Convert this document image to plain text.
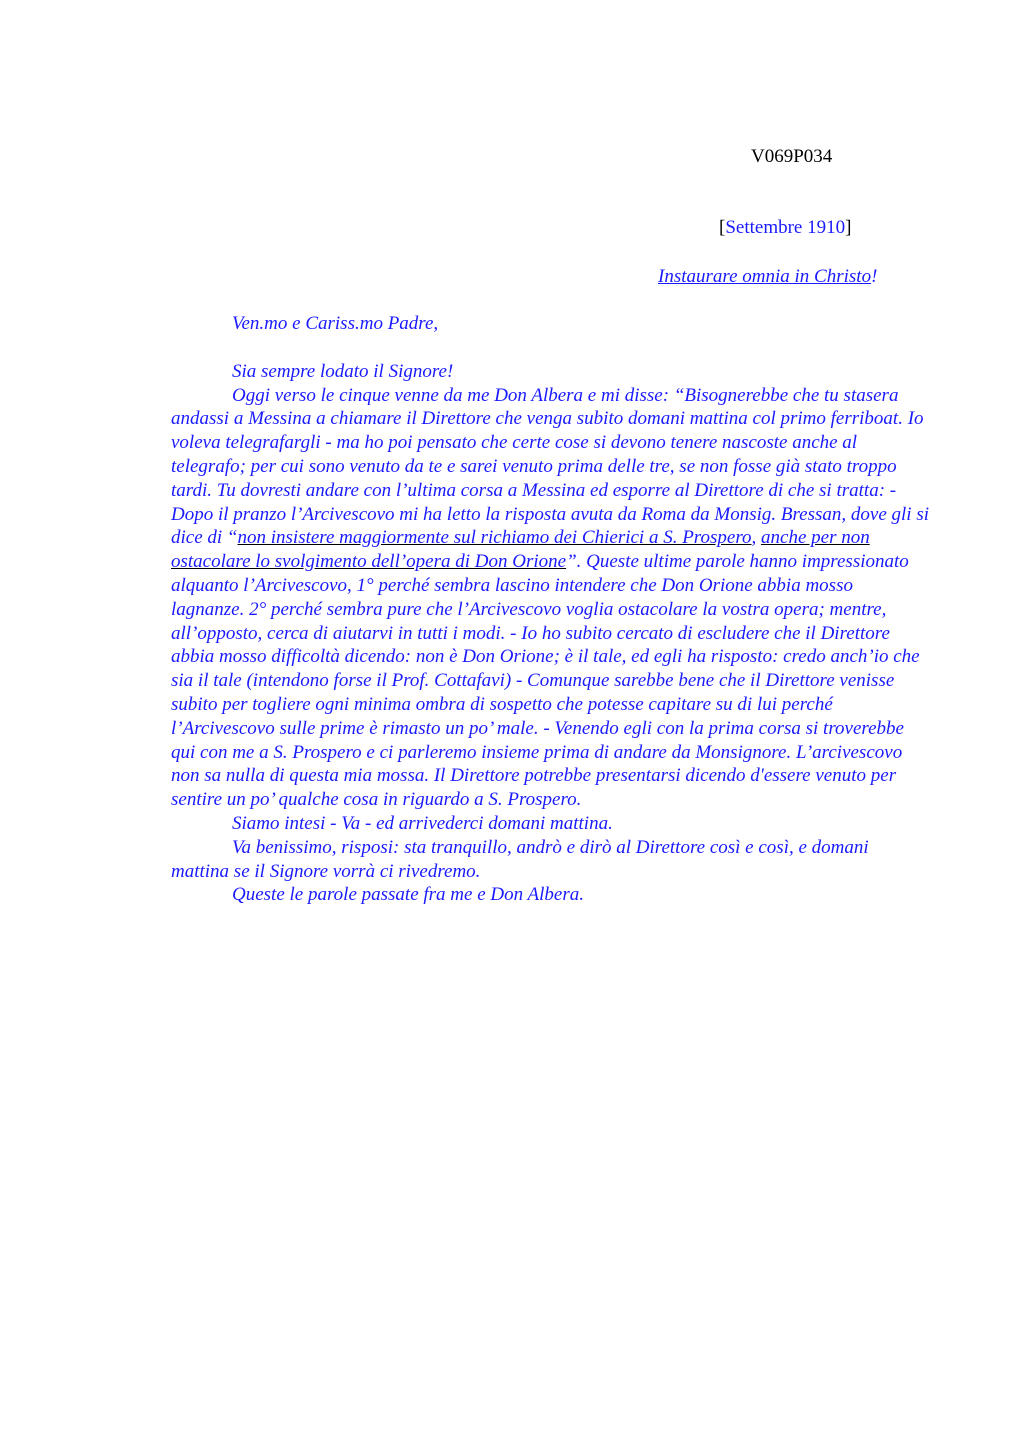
V069P034
[Settembre 1910]
Instaurare omnia in Christo!

Ven.mo e Cariss.mo Padre,

Sia sempre lodato il Signore!

Oggi verso le cinque venne da me Don Albera e mi disse: “Bisognerebbe che tu stasera andassi a Messina a chiamare il Direttore che venga subito domani mattina col primo ferriboat. Io voleva telegrafargli - ma ho poi pensato che certe cose si devono tenere nascoste anche al telegrafo; per cui sono venuto da te e sarei venuto prima delle tre, se non fosse già stato troppo tardi. Tu dovresti andare con l’ultima corsa a Messina ed esporre al Direttore di che si tratta: - Dopo il pranzo l’Arcivescovo mi ha letto la risposta avuta da Roma da Monsig. Bressan, dove gli si dice di “non insistere maggiormente sul richiamo dei Chierici a S. Prospero, anche per non ostacolare lo svolgimento dell’opera di Don Orione”. Queste ultime parole hanno impressionato alquanto l’Arcivescovo, 1° perché sembra lascino intendere che Don Orione abbia mosso lagnanze. 2° perché sembra pure che l’Arcivescovo voglia ostacolare la vostra opera; mentre, all’opposto, cerca di aiutarvi in tutti i modi. - Io ho subito cercato di escludere che il Direttore abbia mosso difficoltà dicendo: non è Don Orione; è il tale, ed egli ha risposto: credo anch’io che sia il tale (intendono forse il Prof. Cottafavi) - Comunque sarebbe bene che il Direttore venisse subito per togliere ogni minima ombra di sospetto che potesse capitare su di lui perché l’Arcivescovo sulle prime è rimasto un po’ male. - Venendo egli con la prima corsa si troverebbe qui con me a S. Prospero e ci parleremo insieme prima di andare da Monsignore. L’arcivescovo non sa nulla di questa mia mossa. Il Direttore potrebbe presentarsi dicendo d'essere venuto per sentire un po’ qualche cosa in riguardo a S. Prospero.

Siamo intesi - Va - ed arrivederci domani mattina.

Va benissimo, risposi: sta tranquillo, andrò e dirò al Direttore così e così, e domani mattina se il Signore vorrà ci rivedremo.

Queste le parole passate fra me e Don Albera.
